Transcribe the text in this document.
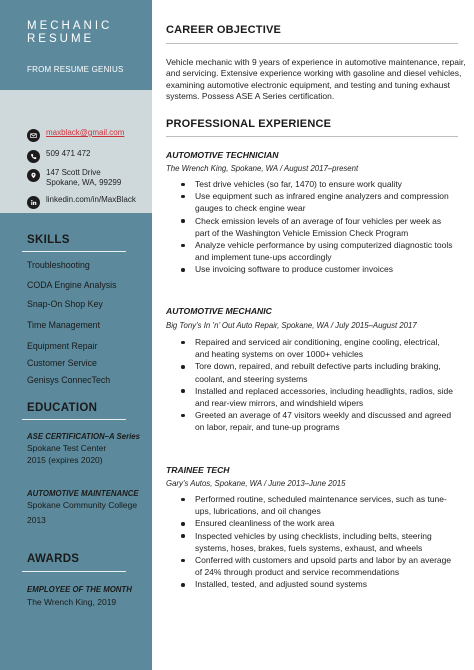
MECHANIC
RESUME
FROM RESUME GENIUS
maxblack@gmail.com
509 471 472
147 Scott Drive
Spokane, WA, 99299
linkedin.com/in/MaxBlack
SKILLS
Troubleshooting
CODA Engine Analysis
Snap-On Shop Key
Time Management
Equipment Repair
Customer Service
Genisys ConnecTech
EDUCATION
ASE CERTIFICATION–A Series
Spokane Test Center
2015 (expires 2020)
AUTOMOTIVE MAINTENANCE
Spokane Community College
2013
AWARDS
EMPLOYEE OF THE MONTH
The Wrench King, 2019
CAREER OBJECTIVE

Vehicle mechanic with 9 years of experience in automotive maintenance, repair, and servicing. Extensive experience working with gasoline and diesel vehicles, examining automotive electronic equipment, and testing and tuning exhaust systems. Possess ASE A Series certification.

PROFESSIONAL EXPERIENCE
AUTOMOTIVE TECHNICIAN
The Wrench King, Spokane, WA / August 2017–present
Test drive vehicles (so far, 1470) to ensure work quality
Use equipment such as infrared engine analyzers and compression gauges to check engine wear
Check emission levels of an average of four vehicles per week as part of the Washington Vehicle Emission Check Program
Analyze vehicle performance by using computerized diagnostic tools and implement tune-ups accordingly
Use invoicing software to produce customer invoices
AUTOMOTIVE MECHANIC
Big Tony’s In ’n’ Out Auto Repair, Spokane, WA / July 2015–August 2017
Repaired and serviced air conditioning, engine cooling, electrical, and heating systems on over 1000+ vehicles
Tore down, repaired, and rebuilt defective parts including braking, coolant, and steering systems
Installed and replaced accessories, including headlights, radios, side and rear-view mirrors, and windshield wipers
Greeted an average of 47 visitors weekly and discussed and agreed on labor, repair, and tune-up programs
TRAINEE TECH
Gary’s Autos, Spokane, WA / June 2013–June 2015
Performed routine, scheduled maintenance services, such as tune-ups, lubrications, and oil changes
Ensured cleanliness of the work area
Inspected vehicles by using checklists, including belts, steering systems, hoses, brakes, fuels systems, exhaust, and wheels
Conferred with customers and upsold parts and labor by an average of 24% through product and service recommendations
Installed, tested, and adjusted sound systems
